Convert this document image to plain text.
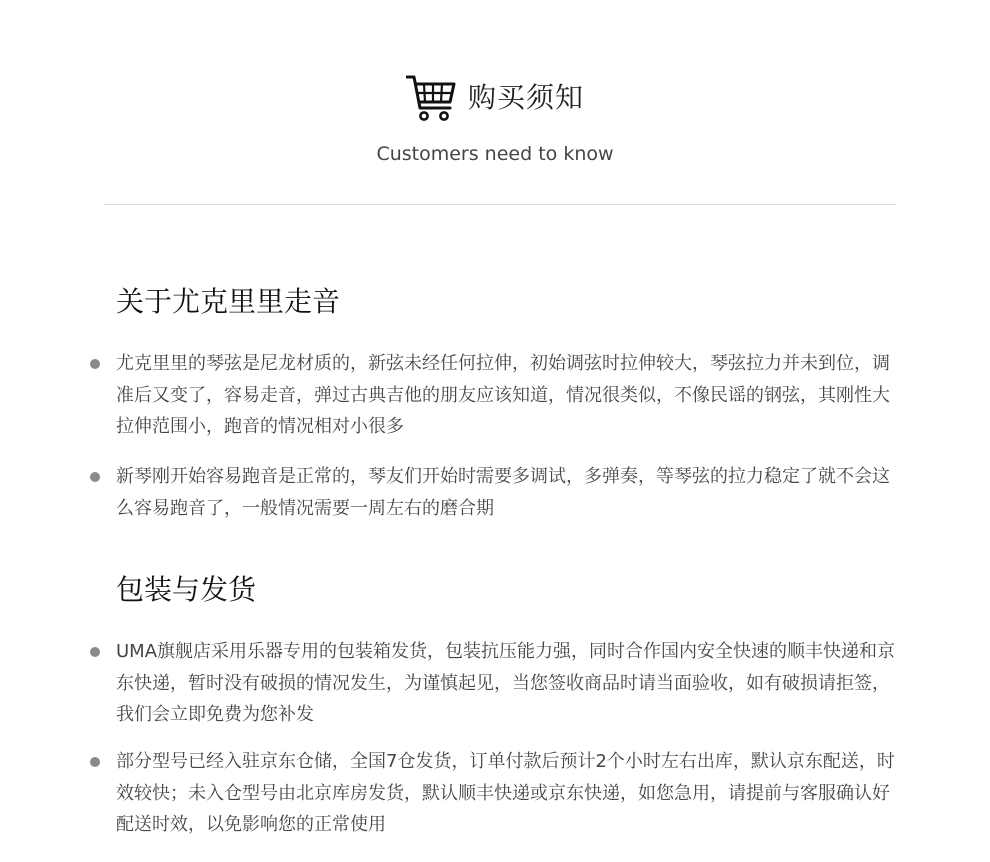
购买须知
Customers need to know
关于尤克里里走音
尤克里里的琴弦是尼龙材质的，新弦未经任何拉伸，初始调弦时拉伸较大，琴弦拉力并未到位，调准后又变了，容易走音，弹过古典吉他的朋友应该知道，情况很类似，不像民谣的钢弦，其刚性大拉伸范围小，跑音的情况相对小很多
新琴刚开始容易跑音是正常的，琴友们开始时需要多调试，多弹奏，等琴弦的拉力稳定了就不会这么容易跑音了，一般情况需要一周左右的磨合期
包装与发货
UMA旗舰店采用乐器专用的包装箱发货，包装抗压能力强，同时合作国内安全快速的顺丰快递和京东快递，暂时没有破损的情况发生，为谨慎起见，当您签收商品时请当面验收，如有破损请拒签，我们会立即免费为您补发
部分型号已经入驻京东仓储，全国7仓发货，订单付款后预计2个小时左右出库，默认京东配送，时效较快；未入仓型号由北京库房发货，默认顺丰快递或京东快递，如您急用，请提前与客服确认好配送时效，以免影响您的正常使用
